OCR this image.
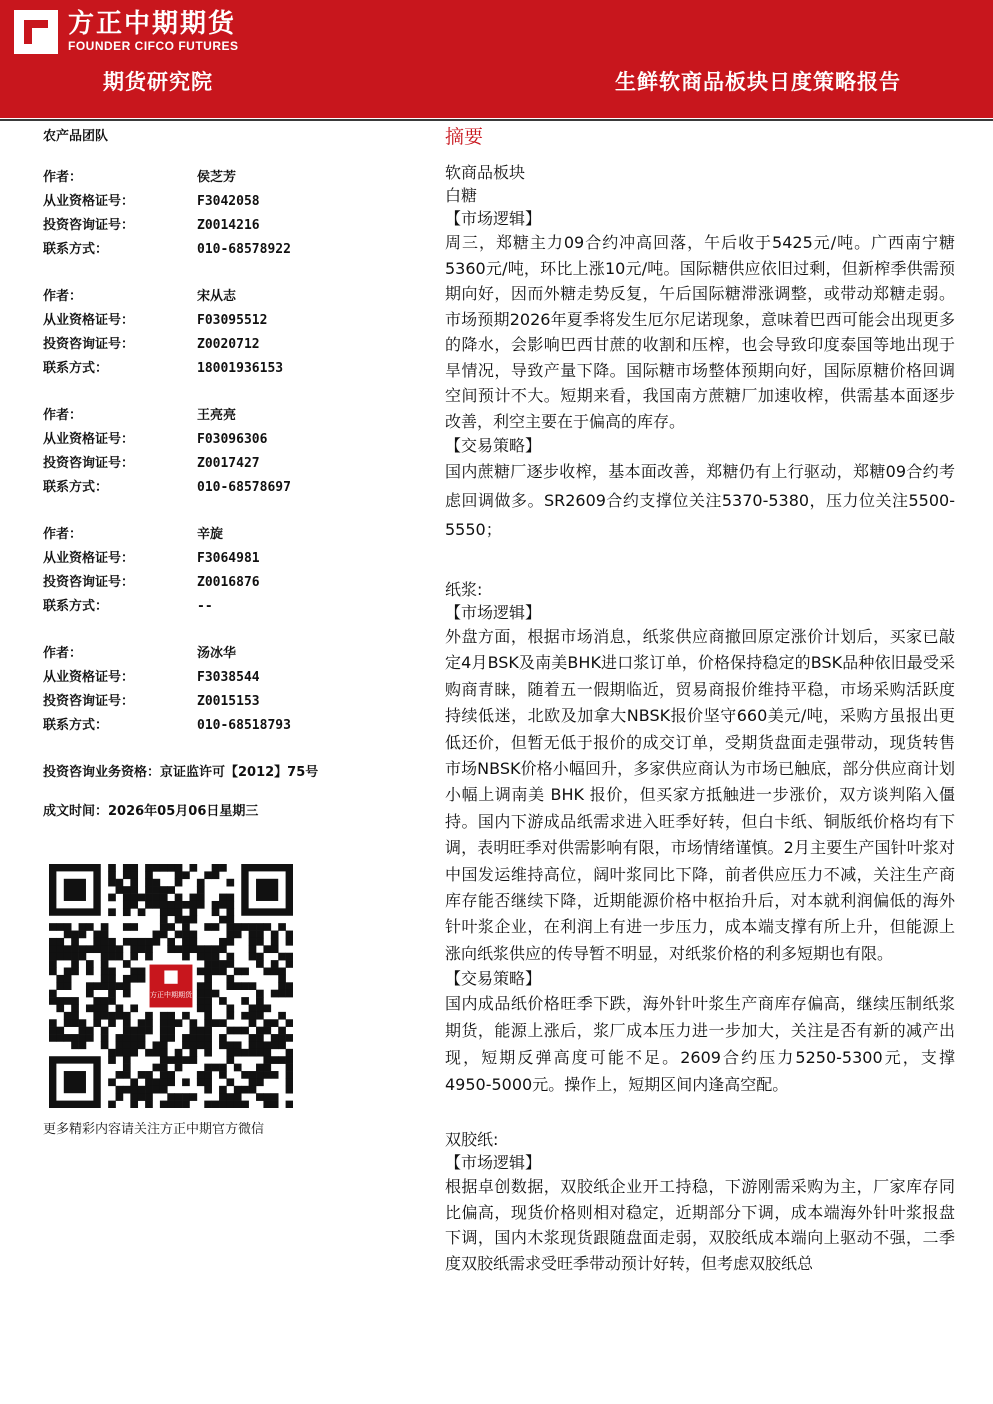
方正中期期货
FOUNDER CIFCO FUTURES
期货研究院	生鲜软商品板块日度策略报告
农产品团队
作者：	侯芝芳
从业资格证号：	F3042058
投资咨询证号：	Z0014216
联系方式：	010-68578922
作者：	宋从志
从业资格证号：	F03095512
投资咨询证号：	Z0020712
联系方式：	18001936153
作者：	王亮亮
从业资格证号：	F03096306
投资咨询证号：	Z0017427
联系方式：	010-68578697
作者：	辛旋
从业资格证号：	F3064981
投资咨询证号：	Z0016876
联系方式：	--
作者：	汤冰华
从业资格证号：	F3038544
投资咨询证号：	Z0015153
联系方式：	010-68518793
投资咨询业务资格：京证监许可【2012】75号
成文时间：2026年05月06日星期三
方正中期期货
更多精彩内容请关注方正中期官方微信
摘要
软商品板块
白糖
【市场逻辑】
周三，郑糖主力09合约冲高回落，午后收于5425元/吨。广西南宁糖5360元/吨，环比上涨10元/吨。国际糖供应依旧过剩，但新榨季供需预期向好，因而外糖走势反复，午后国际糖滞涨调整，或带动郑糖走弱。市场预期2026年夏季将发生厄尔尼诺现象，意味着巴西可能会出现更多的降水，会影响巴西甘蔗的收割和压榨，也会导致印度泰国等地出现于旱情况，导致产量下降。国际糖市场整体预期向好，国际原糖价格回调空间预计不大。短期来看，我国南方蔗糖厂加速收榨，供需基本面逐步改善，利空主要在于偏高的库存。
【交易策略】
国内蔗糖厂逐步收榨，基本面改善，郑糖仍有上行驱动，郑糖09合约考虑回调做多。SR2609合约支撑位关注5370-5380，压力位关注5500-5550；
纸浆:
【市场逻辑】
外盘方面，根据市场消息，纸浆供应商撤回原定涨价计划后，买家已敲定4月BSK及南美BHK进口浆订单，价格保持稳定的BSK品种依旧最受采购商青睐，随着五一假期临近，贸易商报价维持平稳，市场采购活跃度持续低迷，北欧及加拿大NBSK报价坚守660美元/吨，采购方虽报出更低还价，但暂无低于报价的成交订单，受期货盘面走强带动，现货转售市场NBSK价格小幅回升，多家供应商认为市场已触底，部分供应商计划小幅上调南美 BHK 报价，但买家方抵触进一步涨价，双方谈判陷入僵持。国内下游成品纸需求进入旺季好转，但白卡纸、铜版纸价格均有下调，表明旺季对供需影响有限，市场情绪谨慎。2月主要生产国针叶浆对中国发运维持高位，阔叶浆同比下降，前者供应压力不减，关注生产商库存能否继续下降，近期能源价格中枢抬升后，对本就利润偏低的海外针叶浆企业，在利润上有进一步压力，成本端支撑有所上升，但能源上涨向纸浆供应的传导暂不明显，对纸浆价格的利多短期也有限。
【交易策略】
国内成品纸价格旺季下跌，海外针叶浆生产商库存偏高，继续压制纸浆期货，能源上涨后，浆厂成本压力进一步加大，关注是否有新的减产出现，短期反弹高度可能不足。2609合约压力5250-5300元，支撑4950-5000元。操作上，短期区间内逢高空配。
双胶纸:
【市场逻辑】
根据卓创数据，双胶纸企业开工持稳，下游刚需采购为主，厂家库存同比偏高，现货价格则相对稳定，近期部分下调，成本端海外针叶浆报盘下调，国内木浆现货跟随盘面走弱，双胶纸成本端向上驱动不强，二季度双胶纸需求受旺季带动预计好转，但考虑双胶纸总
